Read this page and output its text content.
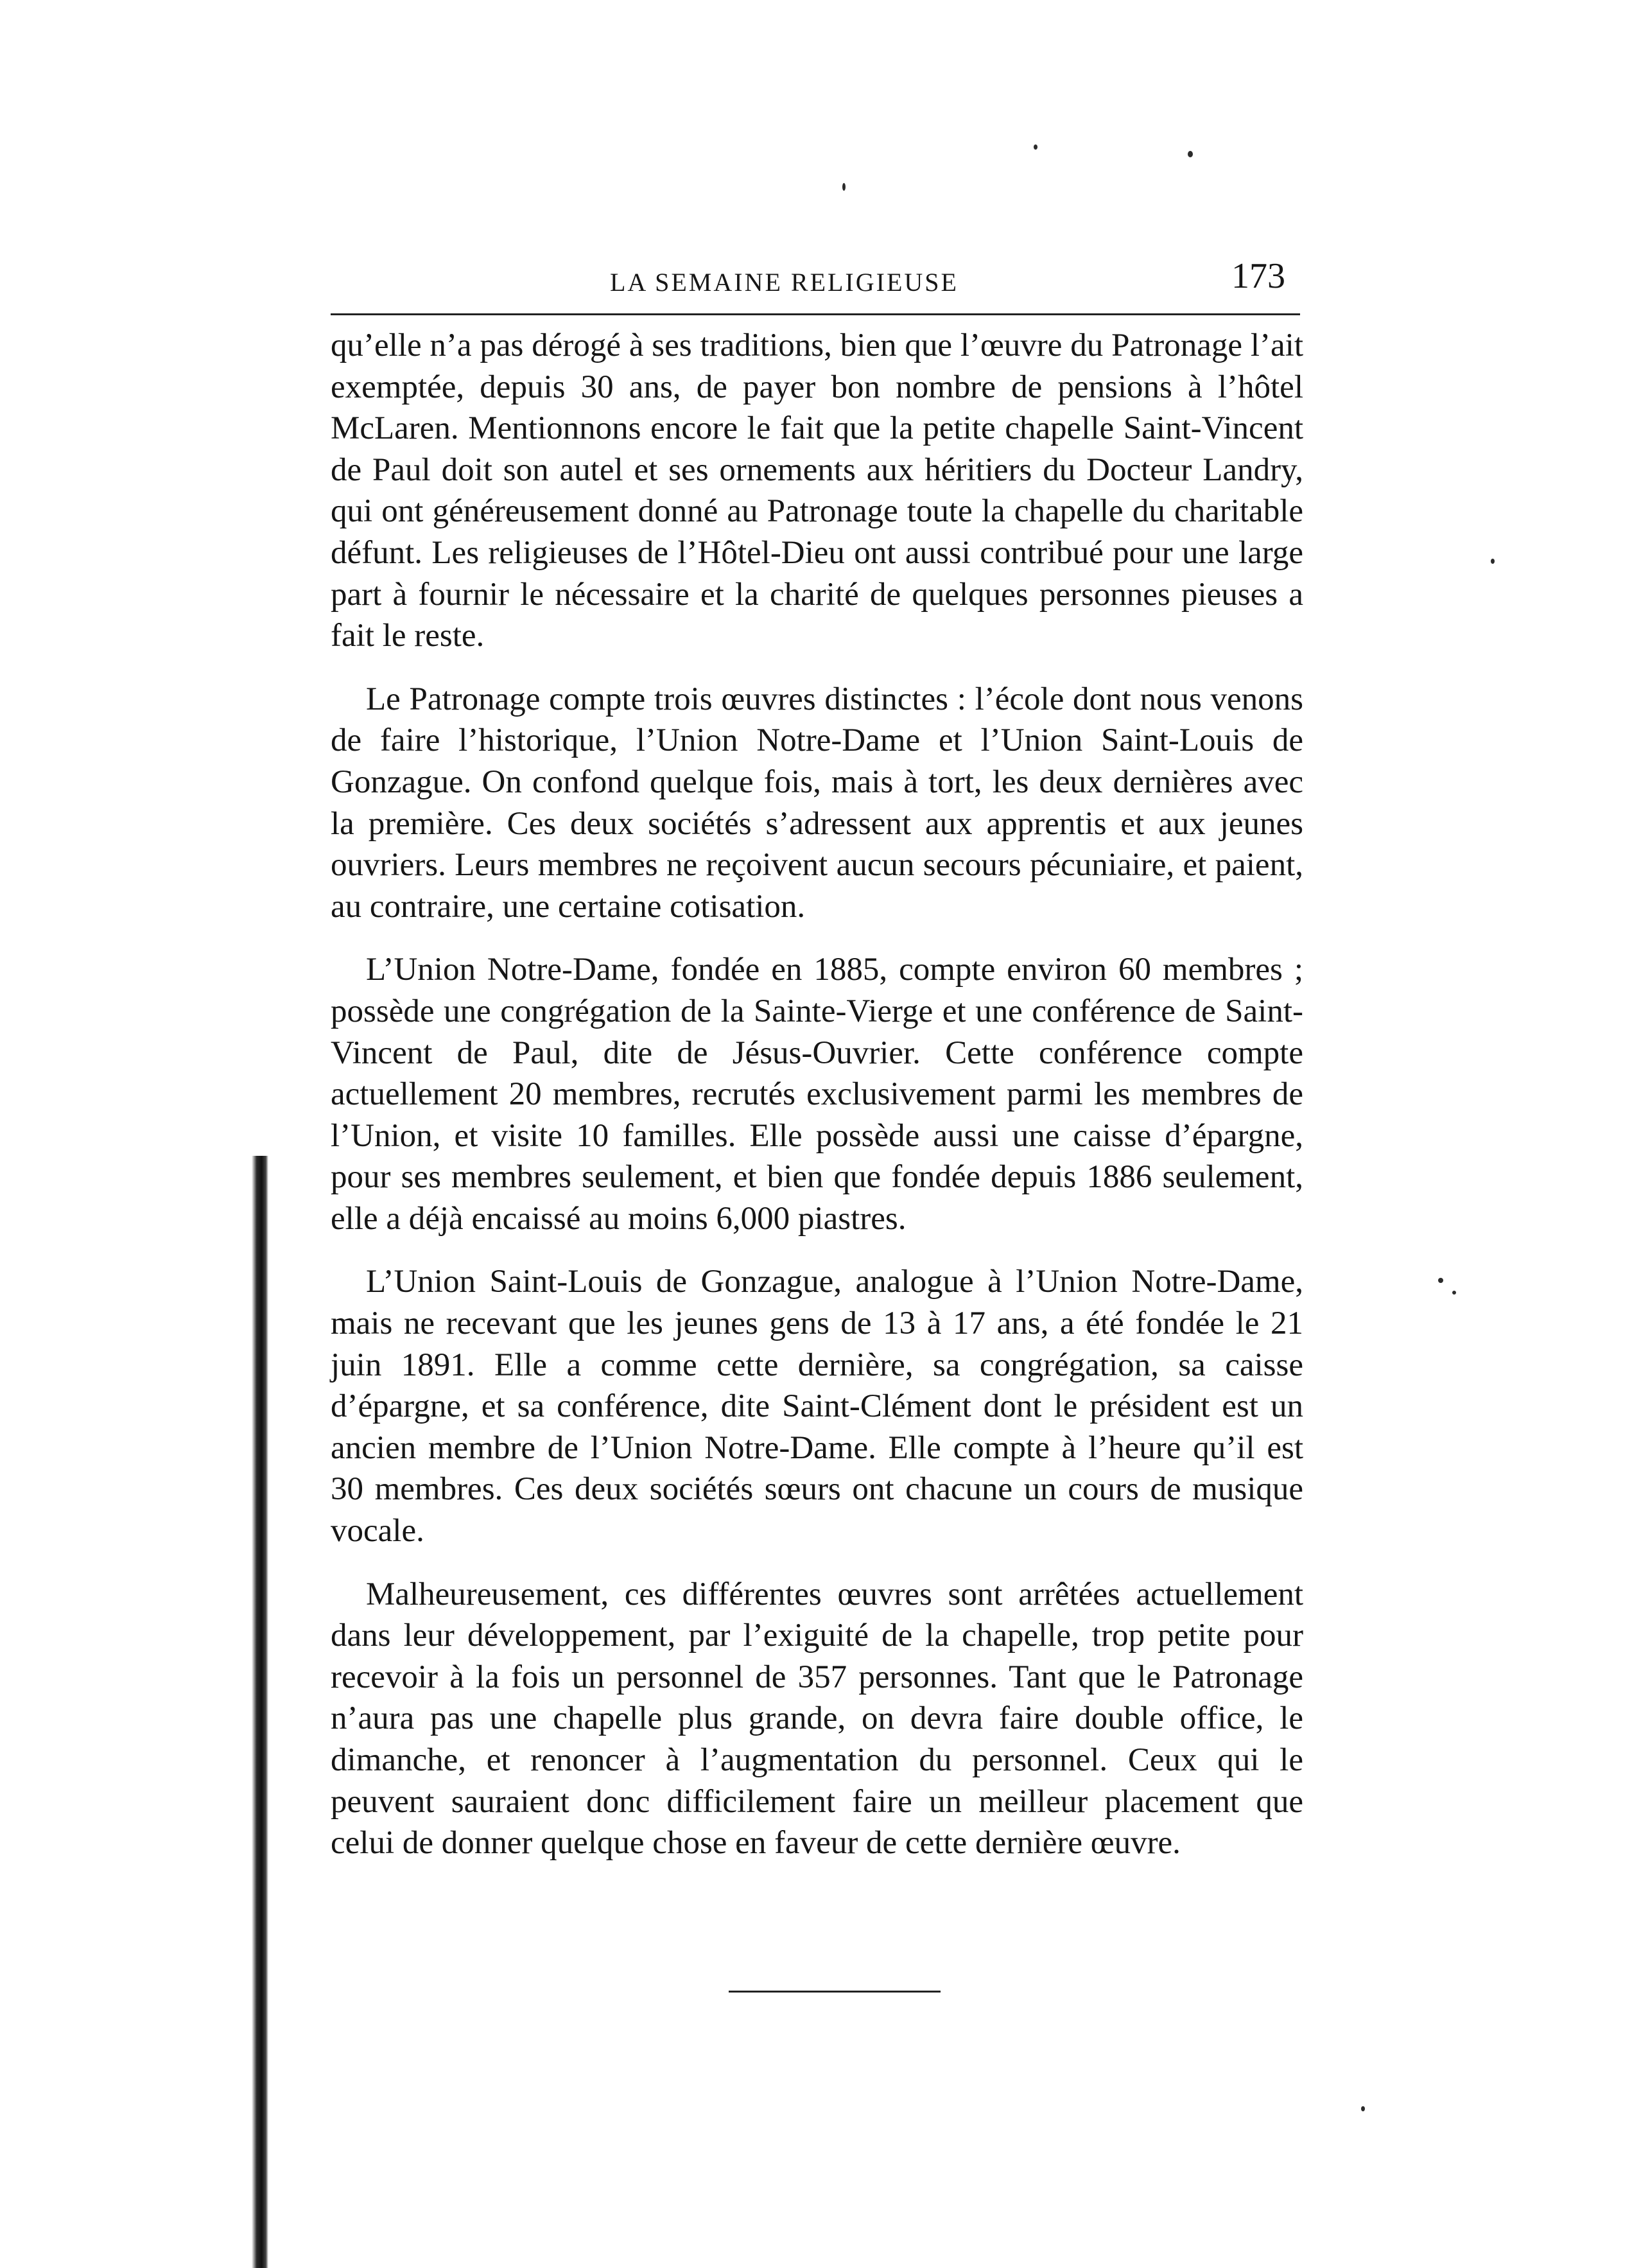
LA SEMAINE RELIGIEUSE	173

qu’elle n’a pas dérogé à ses traditions, bien que l’œuvre du Patronage l’ait exemptée, depuis 30 ans, de payer bon nombre de pensions à l’hôtel McLaren. Mentionnons encore le fait que la petite chapelle Saint-Vincent de Paul doit son autel et ses ornements aux héritiers du Docteur Landry, qui ont généreusement donné au Patronage toute la chapelle du charitable défunt. Les religieuses de l’Hôtel-Dieu ont aussi contribué pour une large part à fournir le nécessaire et la charité de quelques personnes pieuses a fait le reste.

Le Patronage compte trois œuvres distinctes : l’école dont nous venons de faire l’historique, l’Union Notre-Dame et l’Union Saint-Louis de Gonzague. On confond quelque fois, mais à tort, les deux dernières avec la première. Ces deux sociétés s’adressent aux apprentis et aux jeunes ouvriers. Leurs membres ne reçoivent aucun secours pécuniaire, et paient, au contraire, une certaine cotisation.

L’Union Notre-Dame, fondée en 1885, compte environ 60 membres ; possède une congrégation de la Sainte-Vierge et une conférence de Saint-Vincent de Paul, dite de Jésus-Ouvrier. Cette conférence compte actuellement 20 membres, recrutés exclusivement parmi les membres de l’Union, et visite 10 familles. Elle possède aussi une caisse d’épargne, pour ses membres seulement, et bien que fondée depuis 1886 seulement, elle a déjà encaissé au moins 6,000 piastres.

L’Union Saint-Louis de Gonzague, analogue à l’Union Notre-Dame, mais ne recevant que les jeunes gens de 13 à 17 ans, a été fondée le 21 juin 1891. Elle a comme cette dernière, sa congrégation, sa caisse d’épargne, et sa conférence, dite Saint-Clément dont le président est un ancien membre de l’Union Notre-Dame. Elle compte à l’heure qu’il est 30 membres. Ces deux sociétés sœurs ont chacune un cours de musique vocale.

Malheureusement, ces différentes œuvres sont arrêtées actuellement dans leur développement, par l’exiguité de la chapelle, trop petite pour recevoir à la fois un personnel de 357 personnes. Tant que le Patronage n’aura pas une chapelle plus grande, on devra faire double office, le dimanche, et renoncer à l’augmentation du personnel. Ceux qui le peuvent sauraient donc difficilement faire un meilleur placement que celui de donner quelque chose en faveur de cette dernière œuvre.
